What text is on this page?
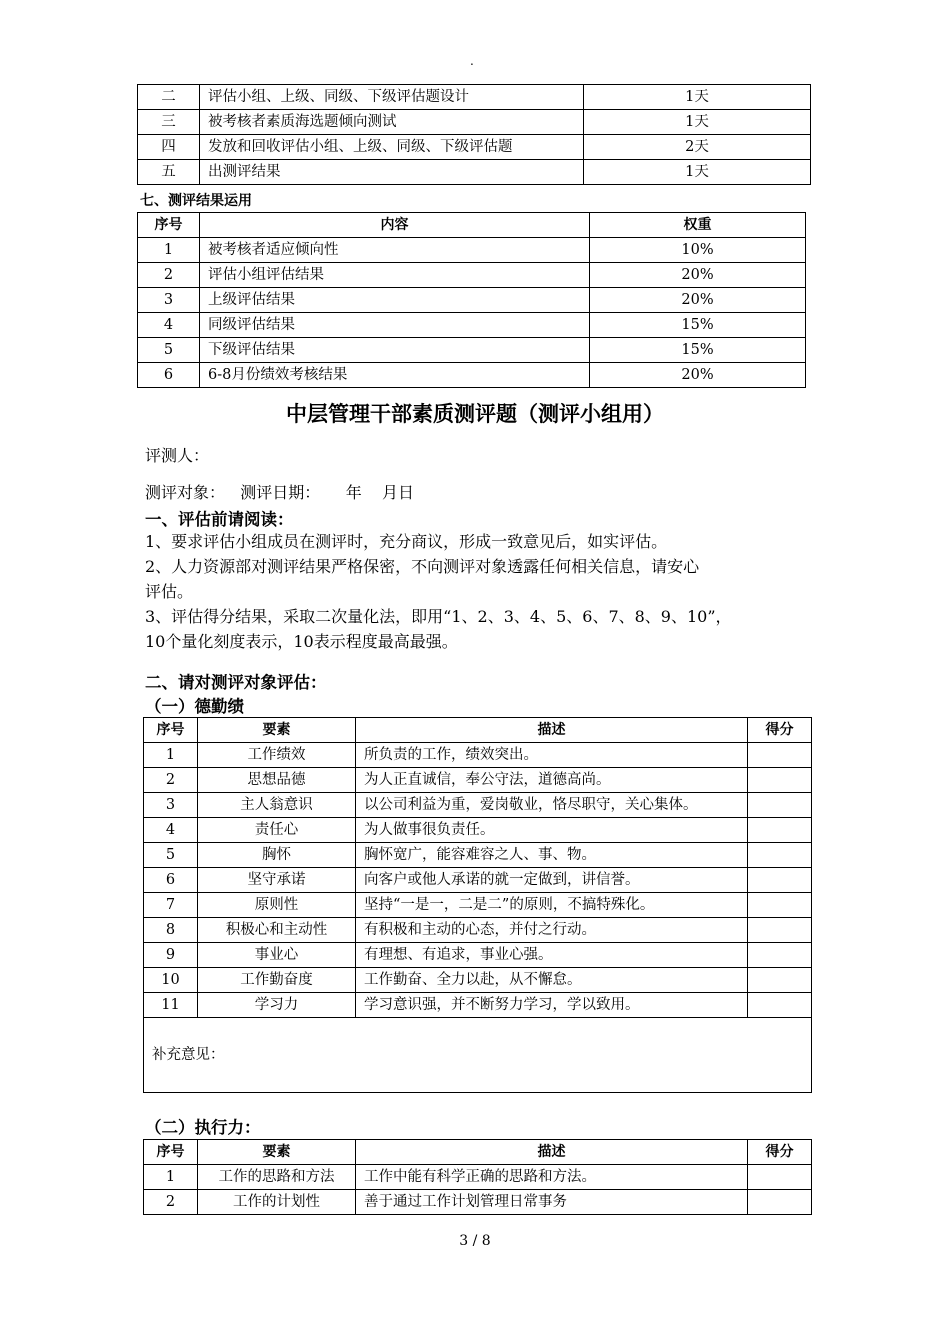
.
二	评估小组、上级、同级、下级评估题设计	1天
三	被考核者素质海选题倾向测试	1天
四	发放和回收评估小组、上级、同级、下级评估题	2天
五	出测评结果	1天
七、测评结果运用
序号	内容	权重
1	被考核者适应倾向性	10%
2	评估小组评估结果	20%
3	上级评估结果	20%
4	同级评估结果	15%
5	下级评估结果	15%
6	6-8月份绩效考核结果	20%
中层管理干部素质测评题（测评小组用）
评测人：
测评对象：   测评日期：     年    月日
一、评估前请阅读：
1、要求评估小组成员在测评时，充分商议，形成一致意见后，如实评估。
2、人力资源部对测评结果严格保密，不向测评对象透露任何相关信息，请安心
评估。
3、评估得分结果，采取二次量化法，即用“1、2、3、4、5、6、7、8、9、10”，
10个量化刻度表示，10表示程度最高最强。
二、请对测评对象评估：
（一）德勤绩
序号	要素	描述	得分
1	工作绩效	所负责的工作，绩效突出。	
2	思想品德	为人正直诚信，奉公守法，道德高尚。	
3	主人翁意识	以公司利益为重，爱岗敬业，恪尽职守，关心集体。	
4	责任心	为人做事很负责任。	
5	胸怀	胸怀宽广，能容难容之人、事、物。	
6	坚守承诺	向客户或他人承诺的就一定做到，讲信誉。	
7	原则性	坚持“一是一，二是二”的原则，不搞特殊化。	
8	积极心和主动性	有积极和主动的心态，并付之行动。	
9	事业心	有理想、有追求，事业心强。	
10	工作勤奋度	工作勤奋、全力以赴，从不懈怠。	
11	学习力	学习意识强，并不断努力学习，学以致用。	
补充意见：			
（二）执行力：
序号	要素	描述	得分
1	工作的思路和方法	工作中能有科学正确的思路和方法。	
2	工作的计划性	善于通过工作计划管理日常事务	
3 / 8
